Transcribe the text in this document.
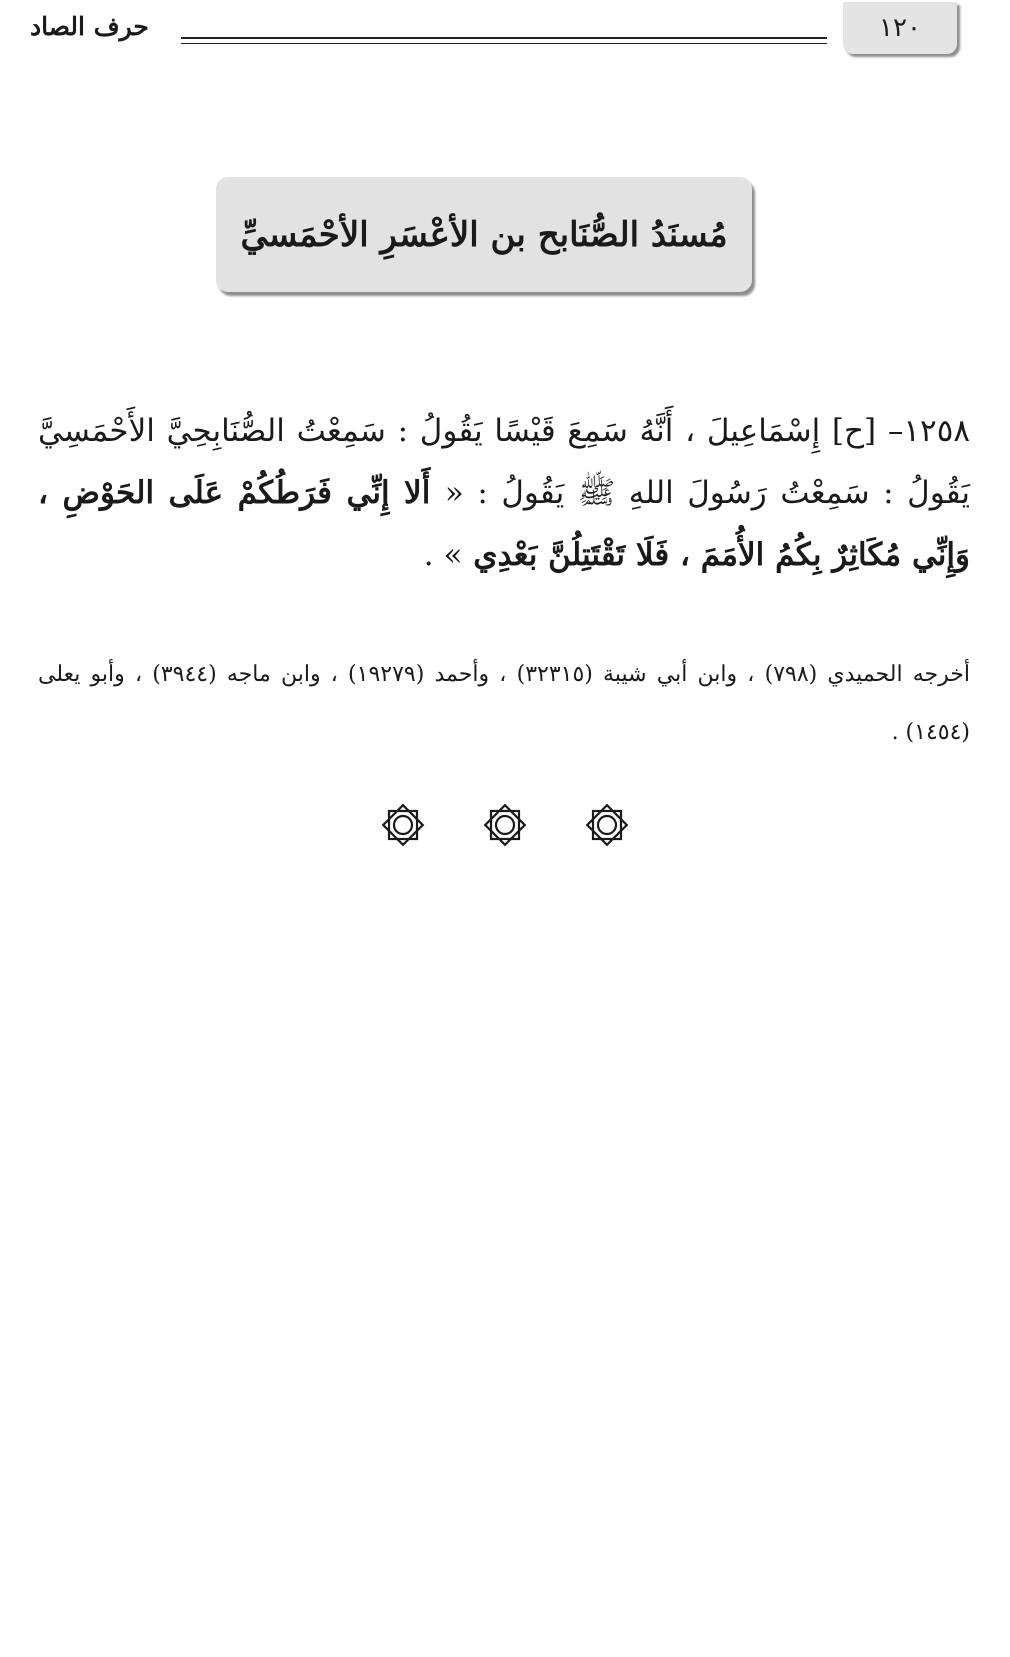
١٢٠
حرف الصاد
مُسنَدُ الصُّنَابح بن الأعْسَرِ الأحْمَسيِّ
١٢٥٨– [ح] إِسْمَاعِيلَ ، أَنَّهُ سَمِعَ قَيْسًا يَقُولُ : سَمِعْتُ الصُّنَابِحِيَّ الأَحْمَسِيَّ يَقُولُ : سَمِعْتُ رَسُولَ اللهِ ﷺ يَقُولُ : « أَلا إِنِّي فَرَطُكُمْ عَلَى الحَوْضِ ، وَإِنِّي مُكَاثِرٌ بِكُمُ الأُمَمَ ، فَلَا تَقْتَتِلُنَّ بَعْدِي » .
أخرجه الحميدي (٧٩٨) ، وابن أبي شيبة (٣٢٣١٥) ، وأحمد (١٩٢٧٩) ، وابن ماجه (٣٩٤٤) ، وأبو يعلى (١٤٥٤) .
